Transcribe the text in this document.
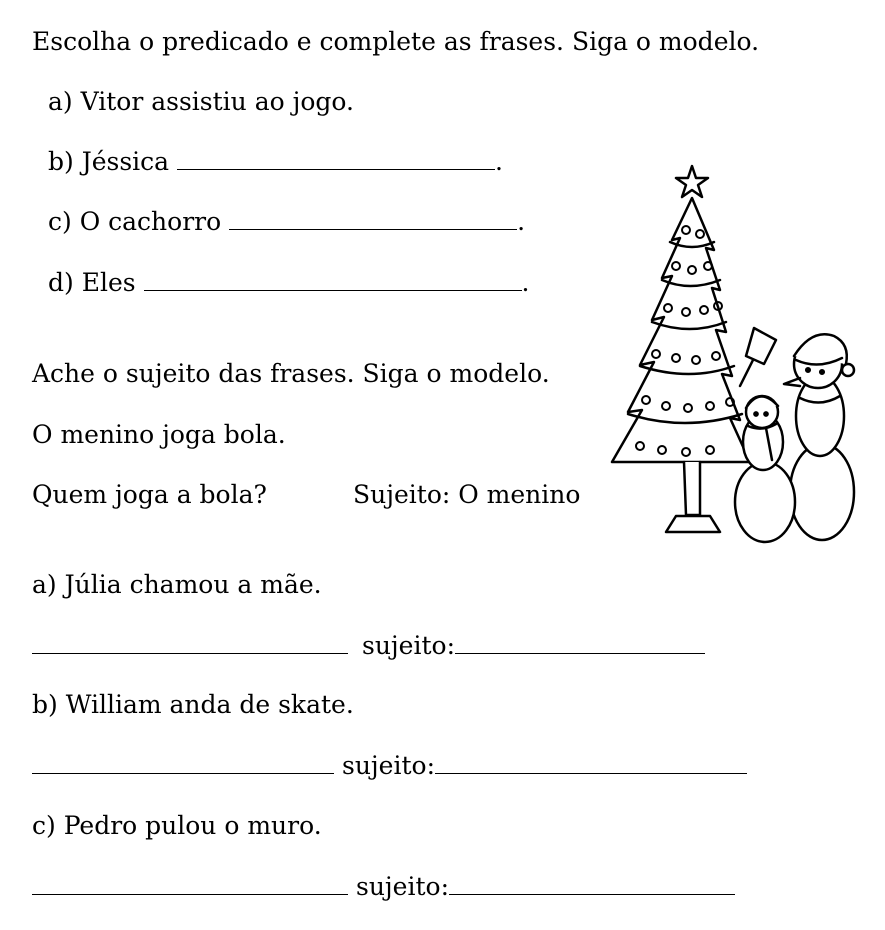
Escolha o predicado e complete as frases. Siga o modelo.
a) Vitor assistiu ao jogo.
b) Jéssica	.
c) O cachorro	.
d) Eles	.
Ache o sujeito das frases. Siga o modelo.
O menino joga bola.
Quem joga a bola?	Sujeito: O menino
a) Júlia chamou a mãe.
sujeito:
b) William anda de skate.
sujeito:
c) Pedro pulou o muro.
sujeito:
